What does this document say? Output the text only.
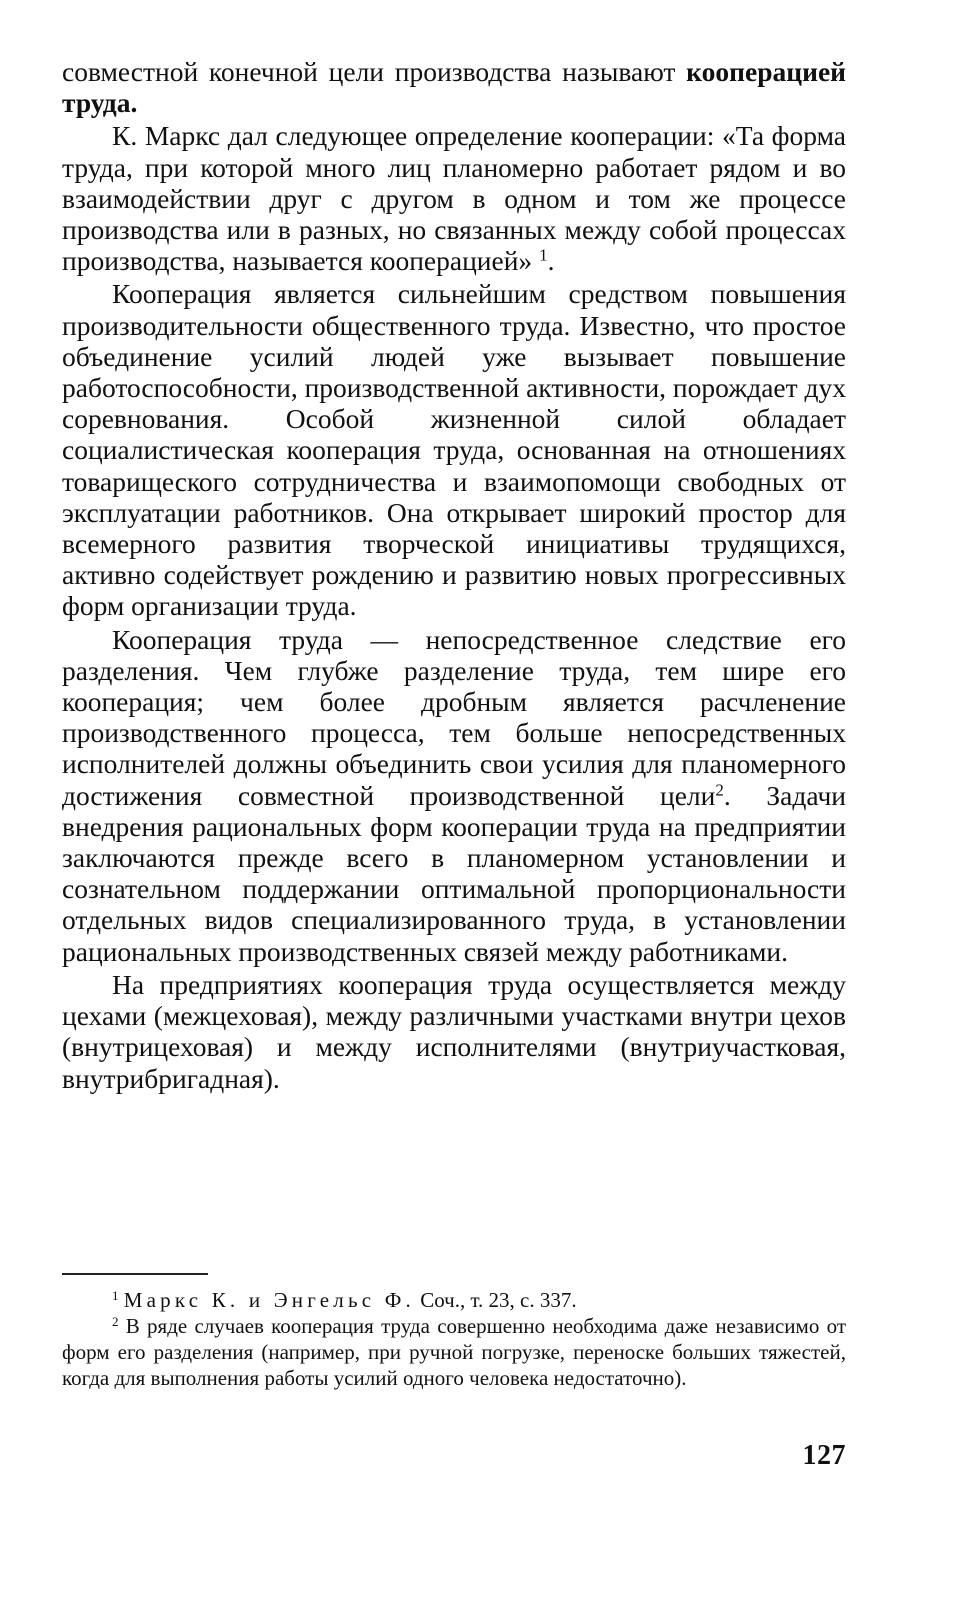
совместной конечной цели производства называют кооперацией труда.

К. Маркс дал следующее определение кооперации: «Та форма труда, при которой много лиц планомерно работает рядом и во взаимодействии друг с другом в одном и том же процессе производства или в разных, но связанных между собой процессах производства, называется кооперацией» $^1$.

Кооперация является сильнейшим средством повышения производительности общественного труда. Известно, что простое объединение усилий людей уже вызывает повышение работоспособности, производственной активности, порождает дух соревнования. Особой жизненной силой обладает социалистическая кооперация труда, основанная на отношениях товарищеского сотрудничества и взаимопомощи свободных от эксплуатации работников. Она открывает широкий простор для всемерного развития творческой инициативы трудящихся, активно содействует рождению и развитию новых прогрессивных форм организации труда.

Кооперация труда — непосредственное следствие его разделения. Чем глубже разделение труда, тем шире его кооперация; чем более дробным является расчленение производственного процесса, тем больше непосредственных исполнителей должны объединить свои усилия для планомерного достижения совместной производственной цели$^2$. Задачи внедрения рациональных форм кооперации труда на предприятии заключаются прежде всего в планомерном установлении и сознательном поддержании оптимальной пропорциональности отдельных видов специализированного труда, в установлении рациональных производственных связей между работниками.

На предприятиях кооперация труда осуществляется между цехами (межцеховая), между различными участками внутри цехов (внутрицеховая) и между исполнителями (внутриучастковая, внутрибригадная).

$^1$ Маркс К. и Энгельс Ф. Соч., т. 23, с. 337.

$^2$ В ряде случаев кооперация труда совершенно необходима даже независимо от форм его разделения (например, при ручной погрузке, переноске больших тяжестей, когда для выполнения работы усилий одного человека недостаточно).

127
